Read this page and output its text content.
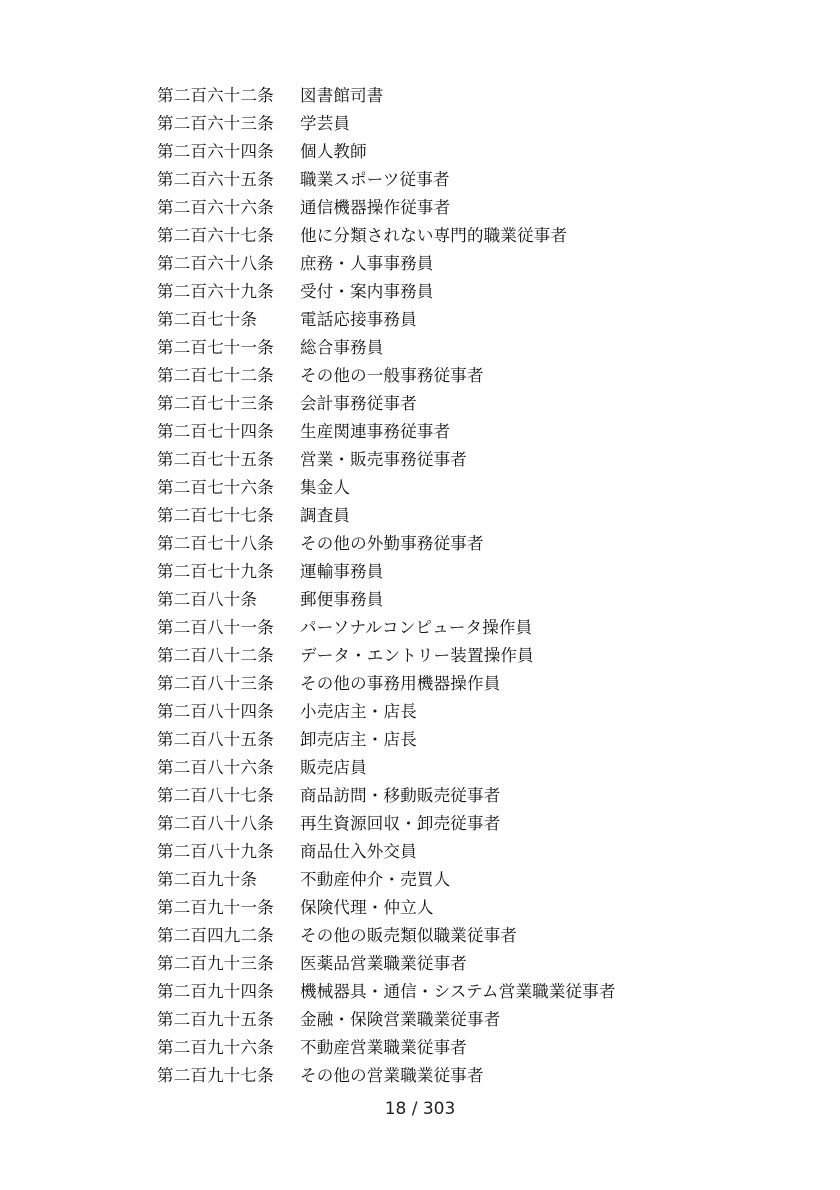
第二百六十二条	図書館司書
第二百六十三条	学芸員
第二百六十四条	個人教師
第二百六十五条	職業スポーツ従事者
第二百六十六条	通信機器操作従事者
第二百六十七条	他に分類されない専門的職業従事者
第二百六十八条	庶務・人事事務員
第二百六十九条	受付・案内事務員
第二百七十条	電話応接事務員
第二百七十一条	総合事務員
第二百七十二条	その他の一般事務従事者
第二百七十三条	会計事務従事者
第二百七十四条	生産関連事務従事者
第二百七十五条	営業・販売事務従事者
第二百七十六条	集金人
第二百七十七条	調査員
第二百七十八条	その他の外勤事務従事者
第二百七十九条	運輸事務員
第二百八十条	郵便事務員
第二百八十一条	パーソナルコンピュータ操作員
第二百八十二条	データ・エントリー装置操作員
第二百八十三条	その他の事務用機器操作員
第二百八十四条	小売店主・店長
第二百八十五条	卸売店主・店長
第二百八十六条	販売店員
第二百八十七条	商品訪問・移動販売従事者
第二百八十八条	再生資源回収・卸売従事者
第二百八十九条	商品仕入外交員
第二百九十条	不動産仲介・売買人
第二百九十一条	保険代理・仲立人
第二百四九二条	その他の販売類似職業従事者
第二百九十三条	医薬品営業職業従事者
第二百九十四条	機械器具・通信・システム営業職業従事者
第二百九十五条	金融・保険営業職業従事者
第二百九十六条	不動産営業職業従事者
第二百九十七条	その他の営業職業従事者
18 / 303
